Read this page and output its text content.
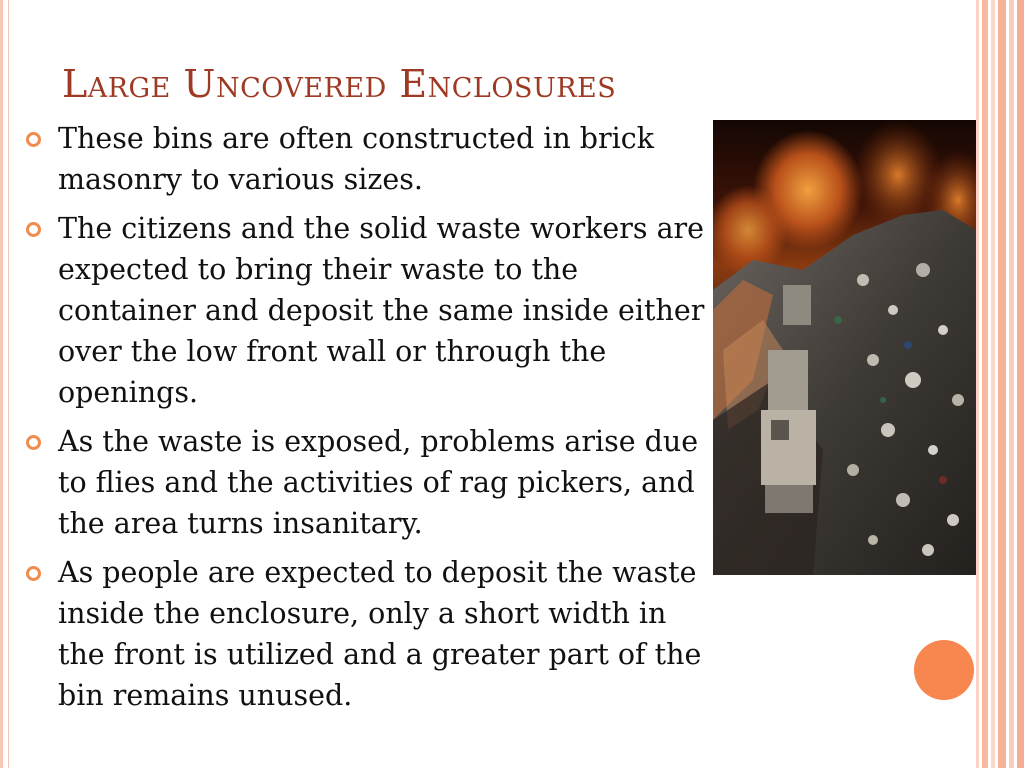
Large Uncovered Enclosures
These bins are often constructed in brick masonry to various sizes.
The citizens and the solid waste workers are expected to bring their waste to the container and deposit the same inside either over the low front wall or through the openings.
As the waste is exposed, problems arise due to flies and the activities of rag pickers, and the area turns insanitary.
As people are expected to deposit the waste inside the enclosure, only a short width in the front is utilized and a greater part of the bin remains unused.
